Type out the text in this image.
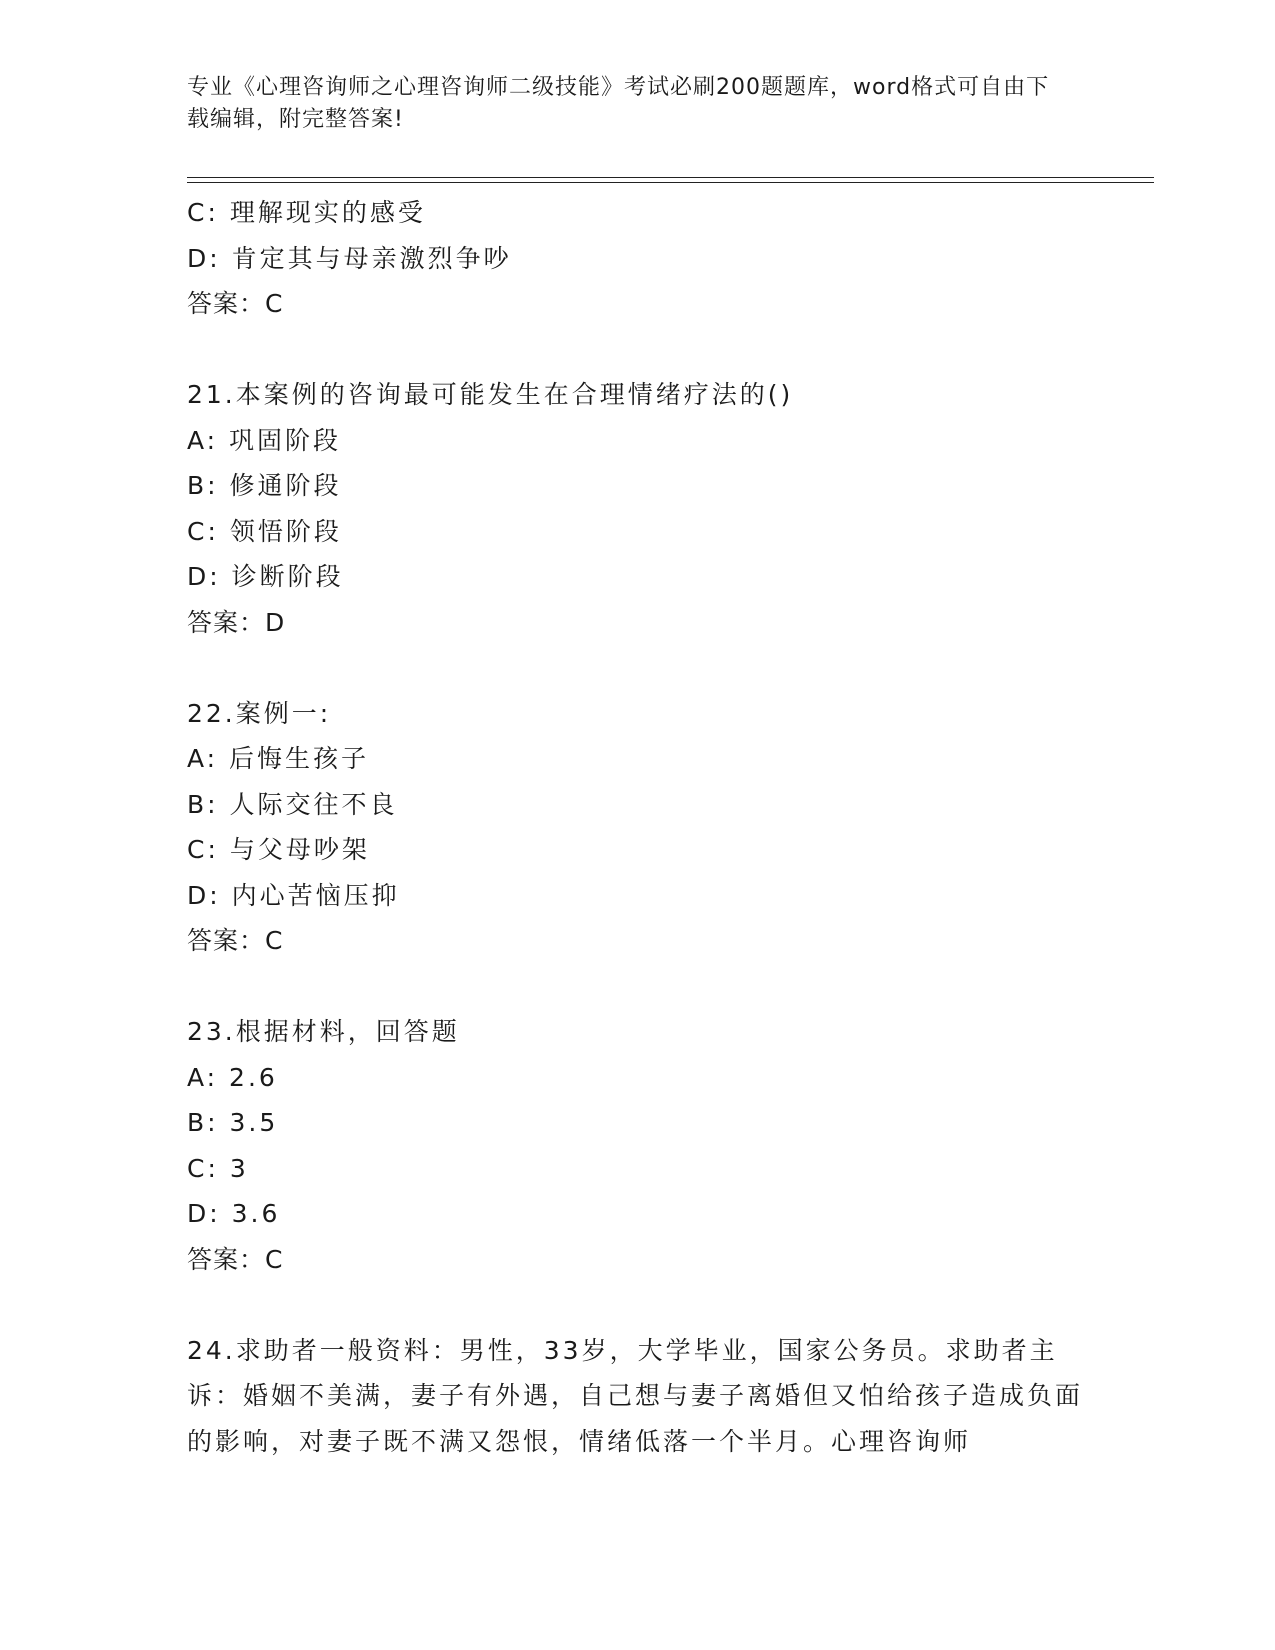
专业《心理咨询师之心理咨询师二级技能》考试必刷200题题库，word格式可自由下载编辑，附完整答案!
C: 理解现实的感受
D: 肯定其与母亲激烈争吵
答案：C
21.本案例的咨询最可能发生在合理情绪疗法的()
A: 巩固阶段
B: 修通阶段
C: 领悟阶段
D: 诊断阶段
答案：D
22.案例一:
A: 后悔生孩子
B: 人际交往不良
C: 与父母吵架
D: 内心苦恼压抑
答案：C
23.根据材料，回答题
A: 2.6
B: 3.5
C: 3
D: 3.6
答案：C
24.求助者一般资料：男性，33岁，大学毕业，国家公务员。求助者主诉：婚姻不美满，妻子有外遇，自己想与妻子离婚但又怕给孩子造成负面的影响，对妻子既不满又怨恨，情绪低落一个半月。心理咨询师
